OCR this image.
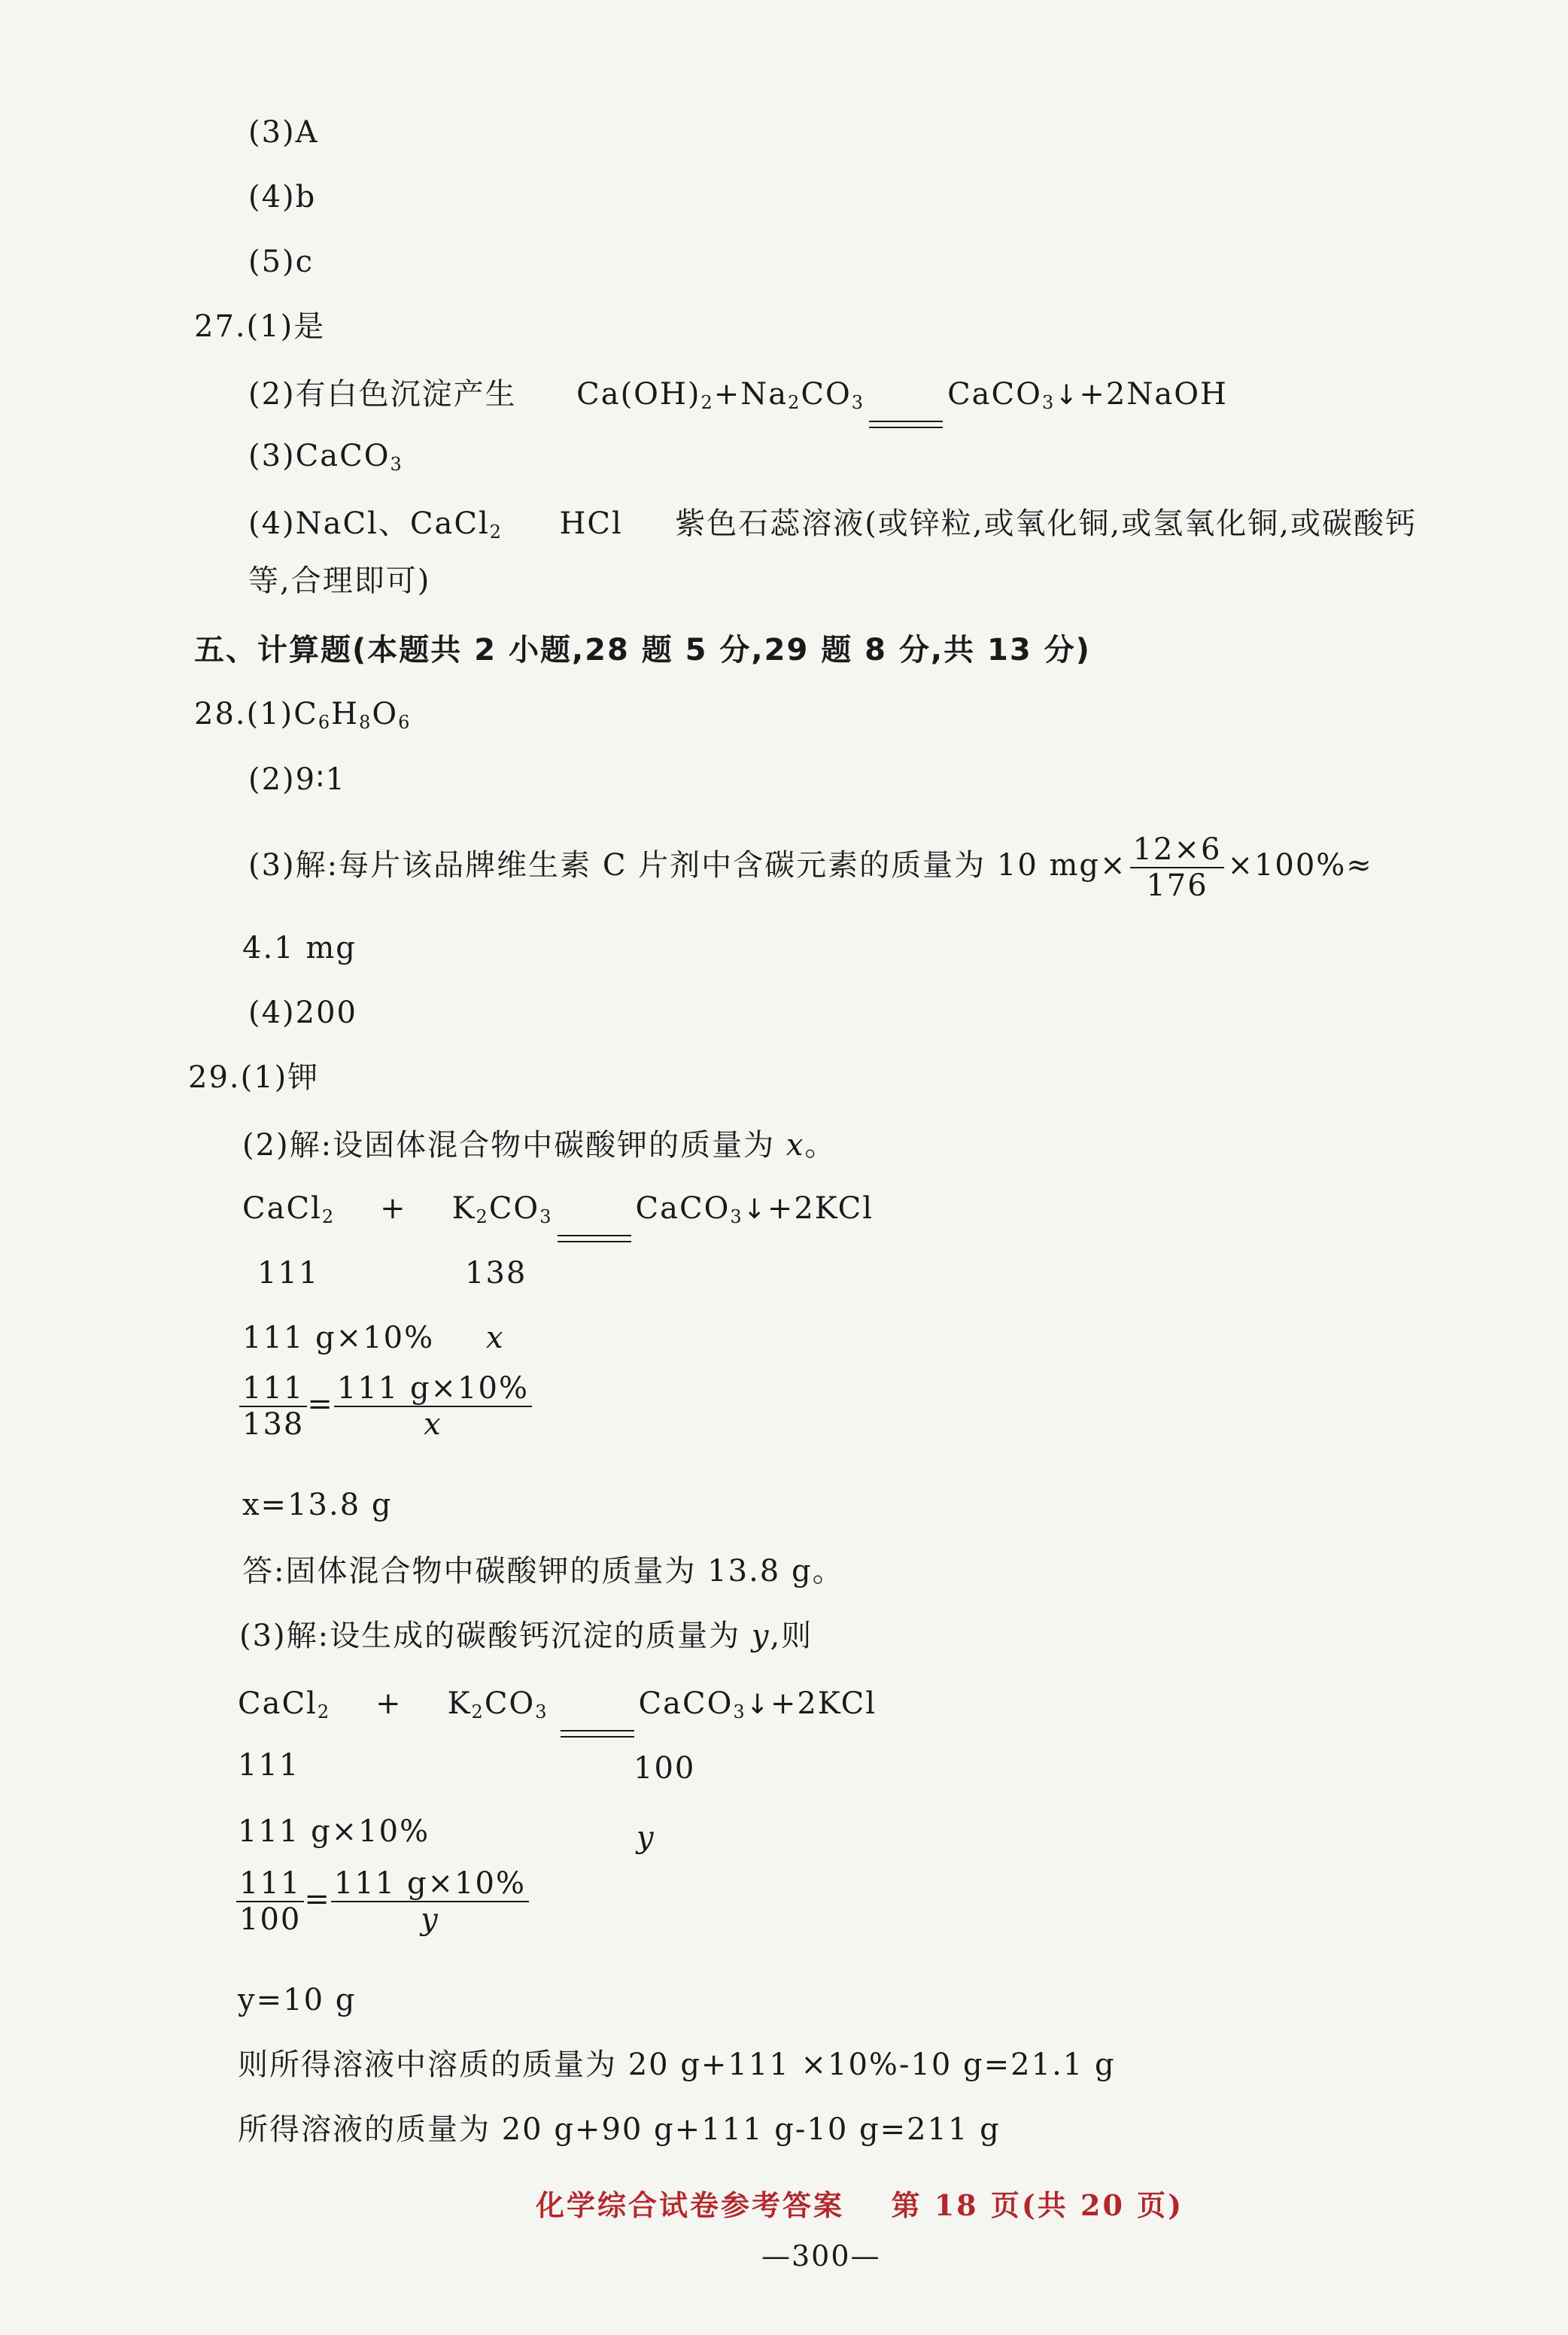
(3)A
(4)b
(5)c
27.(1)是
(2)有白色沉淀产生 $Ca(OH)_2+Na_2CO_3$	CaCO$_3$↓+2NaOH
(3)CaCO$_3$
(4)NaCl、CaCl$_2$ HCl 紫色石蕊溶液(或锌粒,或氧化铜,或氢氧化铜,或碳酸钙
等,合理即可)
五、计算题(本题共 2 小题,28 题 5 分,29 题 8 分,共 13 分)
$28.(1)C_6H_8O_6$
(2)9∶1
(3)解:每片该品牌维生素 C 片剂中含碳元素的质量为 10 $mg\times \frac{12\times 6}{176} \times 100\%\approx$
4.1 mg
(4)200
29.(1)钾
(2)解:设固体混合物中碳酸钾的质量为 x。
CaCl$_2$ + $K_2CO_3$	CaCO$_3$↓+2KCl
111	138
111 g×10% x
$\frac{111}{138} = \frac{111 g\times 10\%}{x}$
x=13.8 g
答:固体混合物中碳酸钾的质量为 13.8 g。
(3)解:设生成的碳酸钙沉淀的质量为 y,则
CaCl$_2$ + $K_2CO_3$	CaCO$_3$↓+2KCl
111	100
111 g×10%	y
$\frac{111}{100} = \frac{111 g\times 10\%}{y}$
y=10 g
则所得溶液中溶质的质量为 20 g+111 ×10%-10 g=21.1 g
所得溶液的质量为 20 g+90 g+111 g-10 g=211 g
化学综合试卷参考答案 第 18 页(共 20 页)
—300—
